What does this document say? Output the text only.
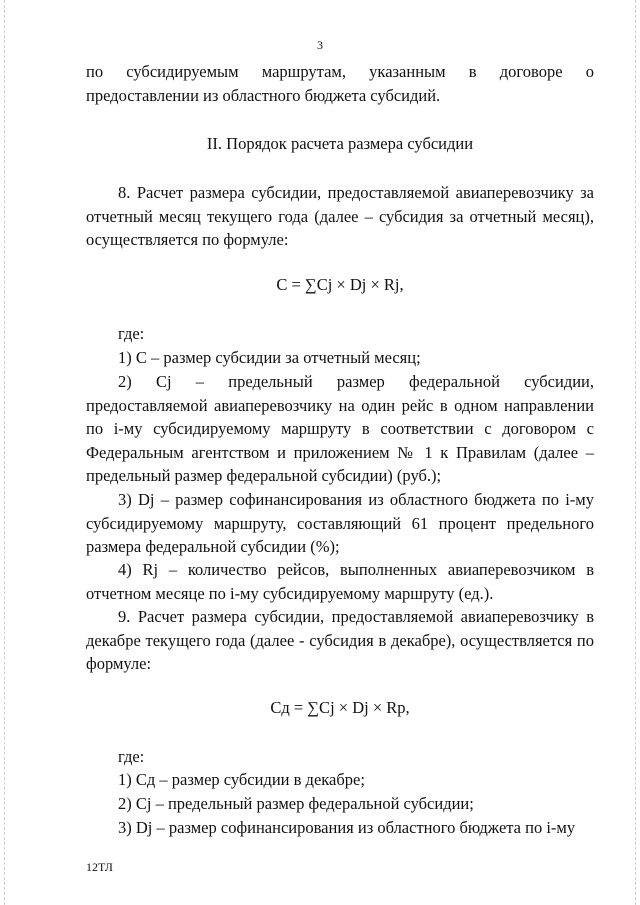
3
по субсидируемым маршрутам, указанным в договоре о предоставлении из областного бюджета субсидий.
II. Порядок расчета размера субсидии
8. Расчет размера субсидии, предоставляемой авиаперевозчику за отчетный месяц текущего года (далее – субсидия за отчетный месяц), осуществляется по формуле:
С = ∑Cj × Dj × Rj,
где:
1) С – размер субсидии за отчетный месяц;
2) Cj – предельный размер федеральной субсидии, предоставляемой авиаперевозчику на один рейс в одном направлении по i-му субсидируемому маршруту в соответствии с договором с Федеральным агентством и приложением № 1 к Правилам (далее – предельный размер федеральной субсидии) (руб.);
3) Dj – размер софинансирования из областного бюджета по i-му субсидируемому маршруту, составляющий 61 процент предельного размера федеральной субсидии (%);
4) Rj – количество рейсов, выполненных авиаперевозчиком в отчетном месяце по i-му субсидируемому маршруту (ед.).
9. Расчет размера субсидии, предоставляемой авиаперевозчику в декабре текущего года (далее - субсидия в декабре), осуществляется по формуле:
Сд = ∑Cj × Dj × Rp,
где:
1) Сд – размер субсидии в декабре;
2) Cj – предельный размер федеральной субсидии;
3) Dj – размер софинансирования из областного бюджета по i-му
12ТЛ
